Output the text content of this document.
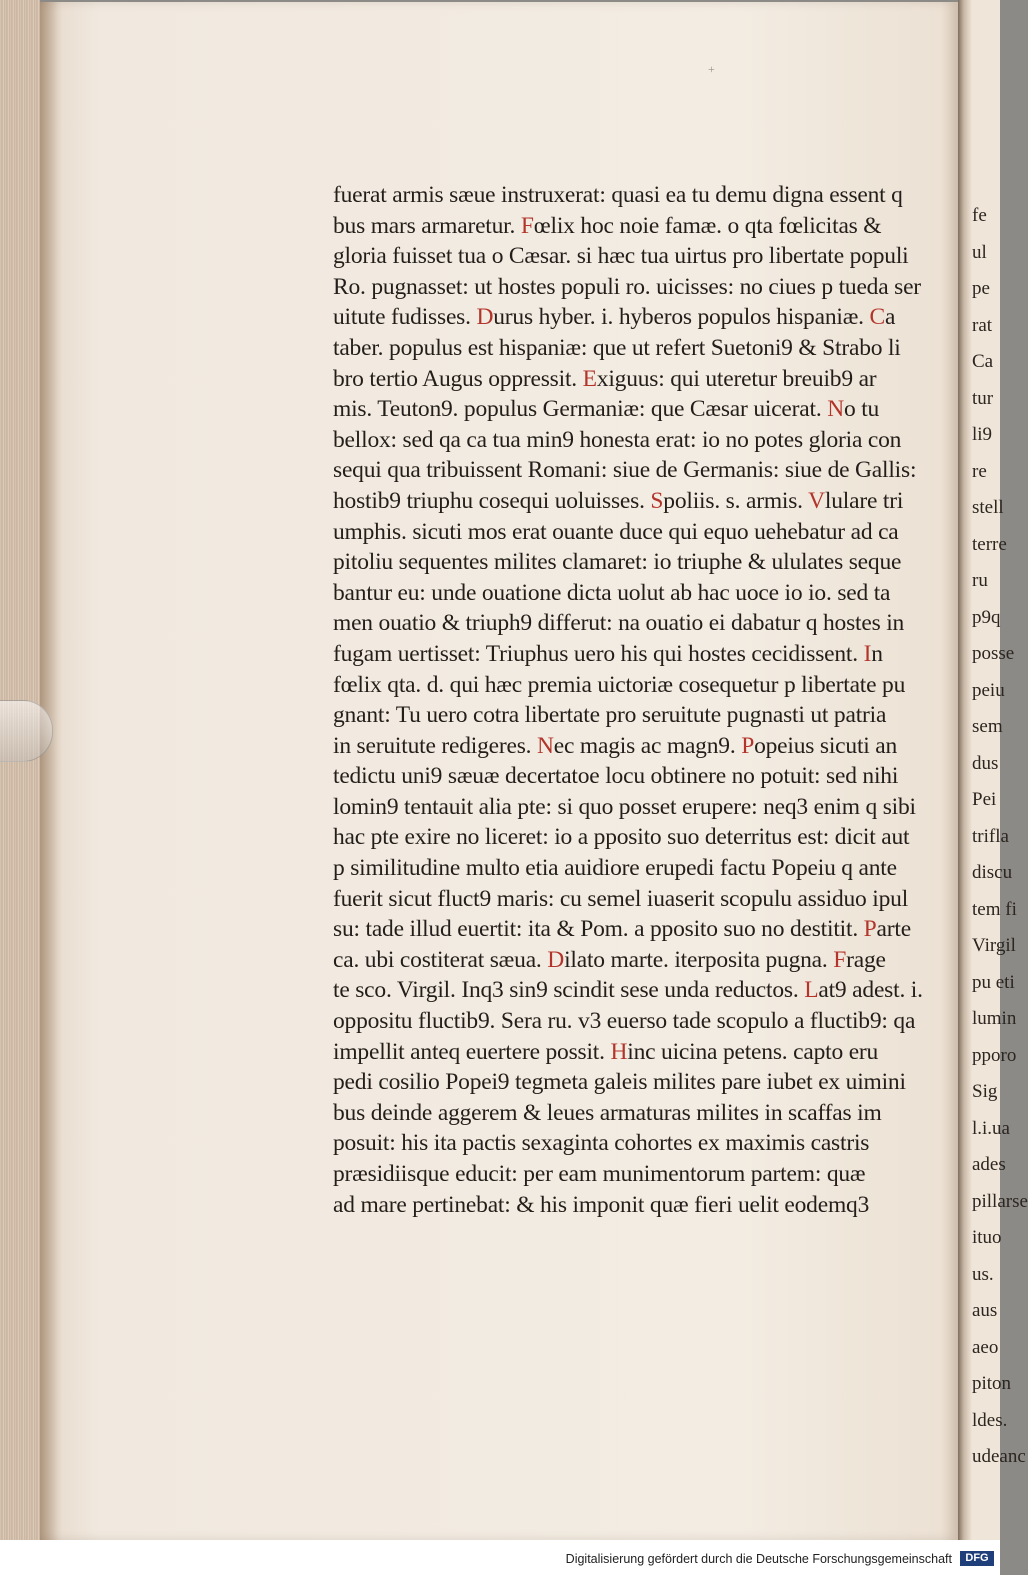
+
fuerat armis sæue instruxerat: quasi ea tu demu digna essent q
bus mars armaretur. Fœlix hoc noie famæ. o qta fœlicitas &
gloria fuisset tua o Cæsar. si hæc tua uirtus pro libertate populi
Ro. pugnasset: ut hostes populi ro. uicisses: no ciues p tueda ser
uitute fudisses. Durus hyber. i. hyberos populos hispaniæ. Ca
taber. populus est hispaniæ: que ut refert Suetoni9 & Strabo li
bro tertio Augus oppressit. Exiguus: qui uteretur breuib9 ar
mis. Teuton9. populus Germaniæ: que Cæsar uicerat. No tu
bellox: sed qa ca tua min9 honesta erat: io no potes gloria con
sequi qua tribuissent Romani: siue de Germanis: siue de Gallis:
hostib9 triuphu cosequi uoluisses. Spoliis. s. armis. Vlulare tri
umphis. sicuti mos erat ouante duce qui equo uehebatur ad ca
pitoliu sequentes milites clamaret: io triuphe & ululates seque
bantur eu: unde ouatione dicta uolut ab hac uoce io io. sed ta
men ouatio & triuph9 differut: na ouatio ei dabatur q hostes in
fugam uertisset: Triuphus uero his qui hostes cecidissent. In
fœlix qta. d. qui hæc premia uictoriæ cosequetur p libertate pu
gnant: Tu uero cotra libertate pro seruitute pugnasti ut patria
in seruitute redigeres. Nec magis ac magn9. Popeius sicuti an
tedictu uni9 sæuæ decertatoe locu obtinere no potuit: sed nihi
lomin9 tentauit alia pte: si quo posset erupere: neq3 enim q sibi
hac pte exire no liceret: io a pposito suo deterritus est: dicit aut
p similitudine multo etia auidiore erupedi factu Popeiu q ante
fuerit sicut fluct9 maris: cu semel iuaserit scopulu assiduo ipul
su: tade illud euertit: ita & Pom. a pposito suo no destitit. Parte
ca. ubi costiterat sæua. Dilato marte. iterposita pugna. Frage
te sco. Virgil. Inq3 sin9 scindit sese unda reductos. Lat9 adest. i.
oppositu fluctib9. Sera ru. v3 euerso tade scopulo a fluctib9: qa
impellit anteq euertere possit. Hinc uicina petens. capto eru
pedi cosilio Popei9 tegmeta galeis milites pare iubet ex uimini
bus deinde aggerem & leues armaturas milites in scaffas im
posuit: his ita pactis sexaginta cohortes ex maximis castris
præsidiisque educit: per eam munimentorum partem: quæ
ad mare pertinebat: & his imponit quæ fieri uelit eodemq3
fe
ul
pe
rat
Ca
tur
li9
re
stell
terre
ru
p9q
posse
peiu
sem
dus
Pei
trifla
discu
tem fi
Virgil
pu eti
lumin
pporo
Sig
l.i.ua
ades
pillarse
ituo
us.
aus
aeo
piton
ldes.
udeanc
Digitalisierung gefördert durch die Deutsche Forschungsgemeinschaft	DFG
